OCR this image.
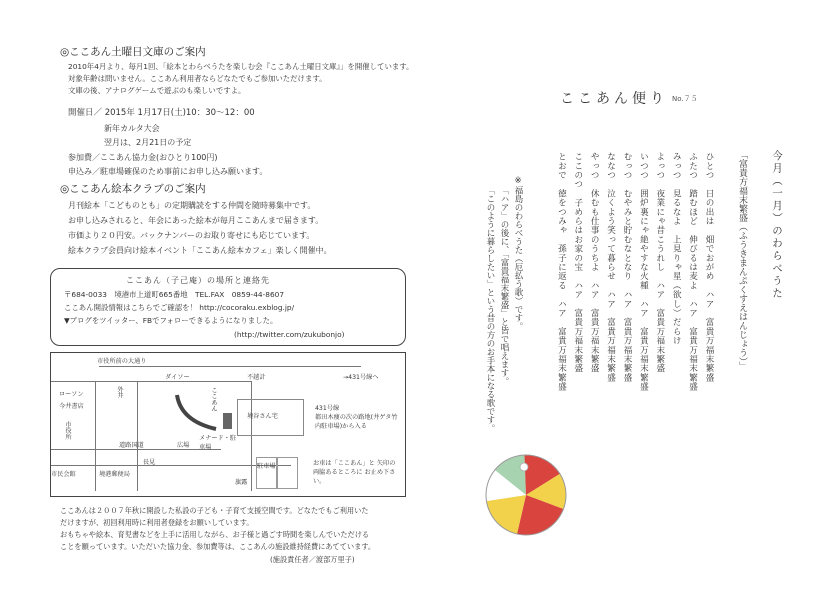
◎ここあん土曜日文庫のご案内
2010年4月より、毎月1回、「絵本とわらべうたを楽しむ会『ここあん土曜日文庫』」を開催しています。
対象年齢は問いません。ここあん利用者ならどなたでもご参加いただけます。
文庫の後、アナログゲームで遊ぶのも楽しいですよ。
開催日／ 2015年 1月17日(土)10：30〜12：00
新年カルタ大会
翌月は、2月21日の予定
参加費／ここあん協力金(おひとり100円)
申込み／駐車場確保のため事前にお申し込み願います。
◎ここあん絵本クラブのご案内
月刊絵本「こどものとも」の定期購読をする仲間を随時募集中です。
お申し込みされると、年会にあった絵本が毎月ここあんまで届きます。
市価より２０円安。バックナンバーのお取り寄せにも応じています。
絵本クラブ会員向け絵本イベント「ここあん絵本カフェ」楽しく開催中。
ここあん（子己庵）の場所と連絡先
〒684-0033　境港市上道町665番地　TEL.FAX　0859-44-8607
ここあん開設情報はこちらでご確認を！ http://cocoraku.exblog.jp/
▼ブログをツイッター、FBでフォローできるようになりました。
(http://twitter.com/zukubonjo)
市役所前の大通り
ダイソー	不越計	→431号線へ
ローソン
今井書店
外井
市役所
ここあん
道路国道	広場
メナード・駐車場
境谷さん宅
431号線
都田木痩の次の路地(井ゲタ竹内駐車場)から入る
市民会館	境港郵便局
長見
駐車場
旗露
お車は「ここあん」と 矢印の両脇あるところに お止め下さい。
ここあんは２００７年秋に開設した私設の子ども・子育て支援空間です。どなたでもご利用いた
だけますが、初回利用時に利用者登録をお願いしています。
おもちゃや絵本、育児書などを上手に活用しながら、お子様と過ごす時間を楽しんでいただける
ことを願っています。いただいた協力金、参加費等は、ここあんの施設維持経費にあてています。
(施設責任者／渡部万里子)
ここあん便り No.７５
今月（一月）のわらべうた
「富貴方福末繁盛（ふうきまんぷくすえはんじょう）」
ひとつ　日の出は　畑でおがめ　ハア　富貴万福末繁盛
ふたつ　踏むほど　伸びるは麦よ　ハア　富貴万福末繁盛
みっつ　見るなよ　上見りゃ星（欲し）だらけ
よっつ　夜業にゃ昔こうれし　ハア　富貴万福末繁盛
いつつ　囲炉裏にゃ絶やすな火種　ハア　富貴万福末繁盛
むっつ　むやみと貯むなとなり　ハア　富貴万福末繁盛
ななつ　泣くよう笑って暮らせ　ハア　富貴万福末繁盛
やっつ　休むも仕事のうちよ　ハア　富貴万福末繁盛
ここのつ　子めらはお家の宝　ハア　富貴万福末繁盛
とおで　徳をつみゃ　孫子に返る　ハア　富貴万福末繁盛
※福島のわらべうた（厄払う歌）です。
「ハア」の後に、「富貴福末繁盛」と皆で唱えます。
「このように暮らしたい」という昔の方のお手本になる歌です。
